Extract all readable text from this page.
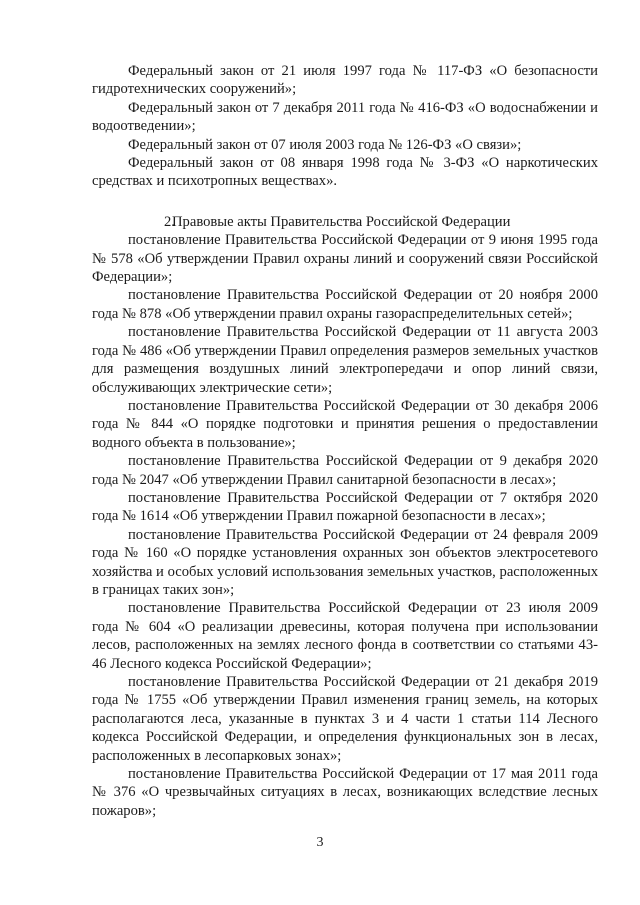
Федеральный закон от 21 июля 1997 года № 117-ФЗ «О безопасности гидротехнических сооружений»;

Федеральный закон от 7 декабря 2011 года № 416-ФЗ «О водоснабжении и водоотведении»;

Федеральный закон от 07 июля 2003 года № 126-ФЗ «О связи»;

Федеральный закон от 08 января 1998 года № 3-ФЗ «О наркотических средствах и психотропных веществах».

2.Правовые акты Правительства Российской Федерации

постановление Правительства Российской Федерации от 9 июня 1995 года № 578 «Об утверждении Правил охраны линий и сооружений связи Российской Федерации»;

постановление Правительства Российской Федерации от 20 ноября 2000 года № 878 «Об утверждении правил охраны газораспределительных сетей»;

постановление Правительства Российской Федерации от 11 августа 2003 года № 486 «Об утверждении Правил определения размеров земельных участков для размещения воздушных линий электропередачи и опор линий связи, обслуживающих электрические сети»;

постановление Правительства Российской Федерации от 30 декабря 2006 года № 844 «О порядке подготовки и принятия решения о предоставлении водного объекта в пользование»;

постановление Правительства Российской Федерации от 9 декабря 2020 года № 2047 «Об утверждении Правил санитарной безопасности в лесах»;

постановление Правительства Российской Федерации от 7 октября 2020 года № 1614 «Об утверждении Правил пожарной безопасности в лесах»;

постановление Правительства Российской Федерации от 24 февраля 2009 года № 160 «О порядке установления охранных зон объектов электросетевого хозяйства и особых условий использования земельных участков, расположенных в границах таких зон»;

постановление Правительства Российской Федерации от 23 июля 2009 года № 604 «О реализации древесины, которая получена при использовании лесов, расположенных на землях лесного фонда в соответствии со статьями 43-46 Лесного кодекса Российской Федерации»;

постановление Правительства Российской Федерации от 21 декабря 2019 года № 1755 «Об утверждении Правил изменения границ земель, на которых располагаются леса, указанные в пунктах 3 и 4 части 1 статьи 114 Лесного кодекса Российской Федерации, и определения функциональных зон в лесах, расположенных в лесопарковых зонах»;

постановление Правительства Российской Федерации от 17 мая 2011 года № 376 «О чрезвычайных ситуациях в лесах, возникающих вследствие лесных пожаров»;

3
